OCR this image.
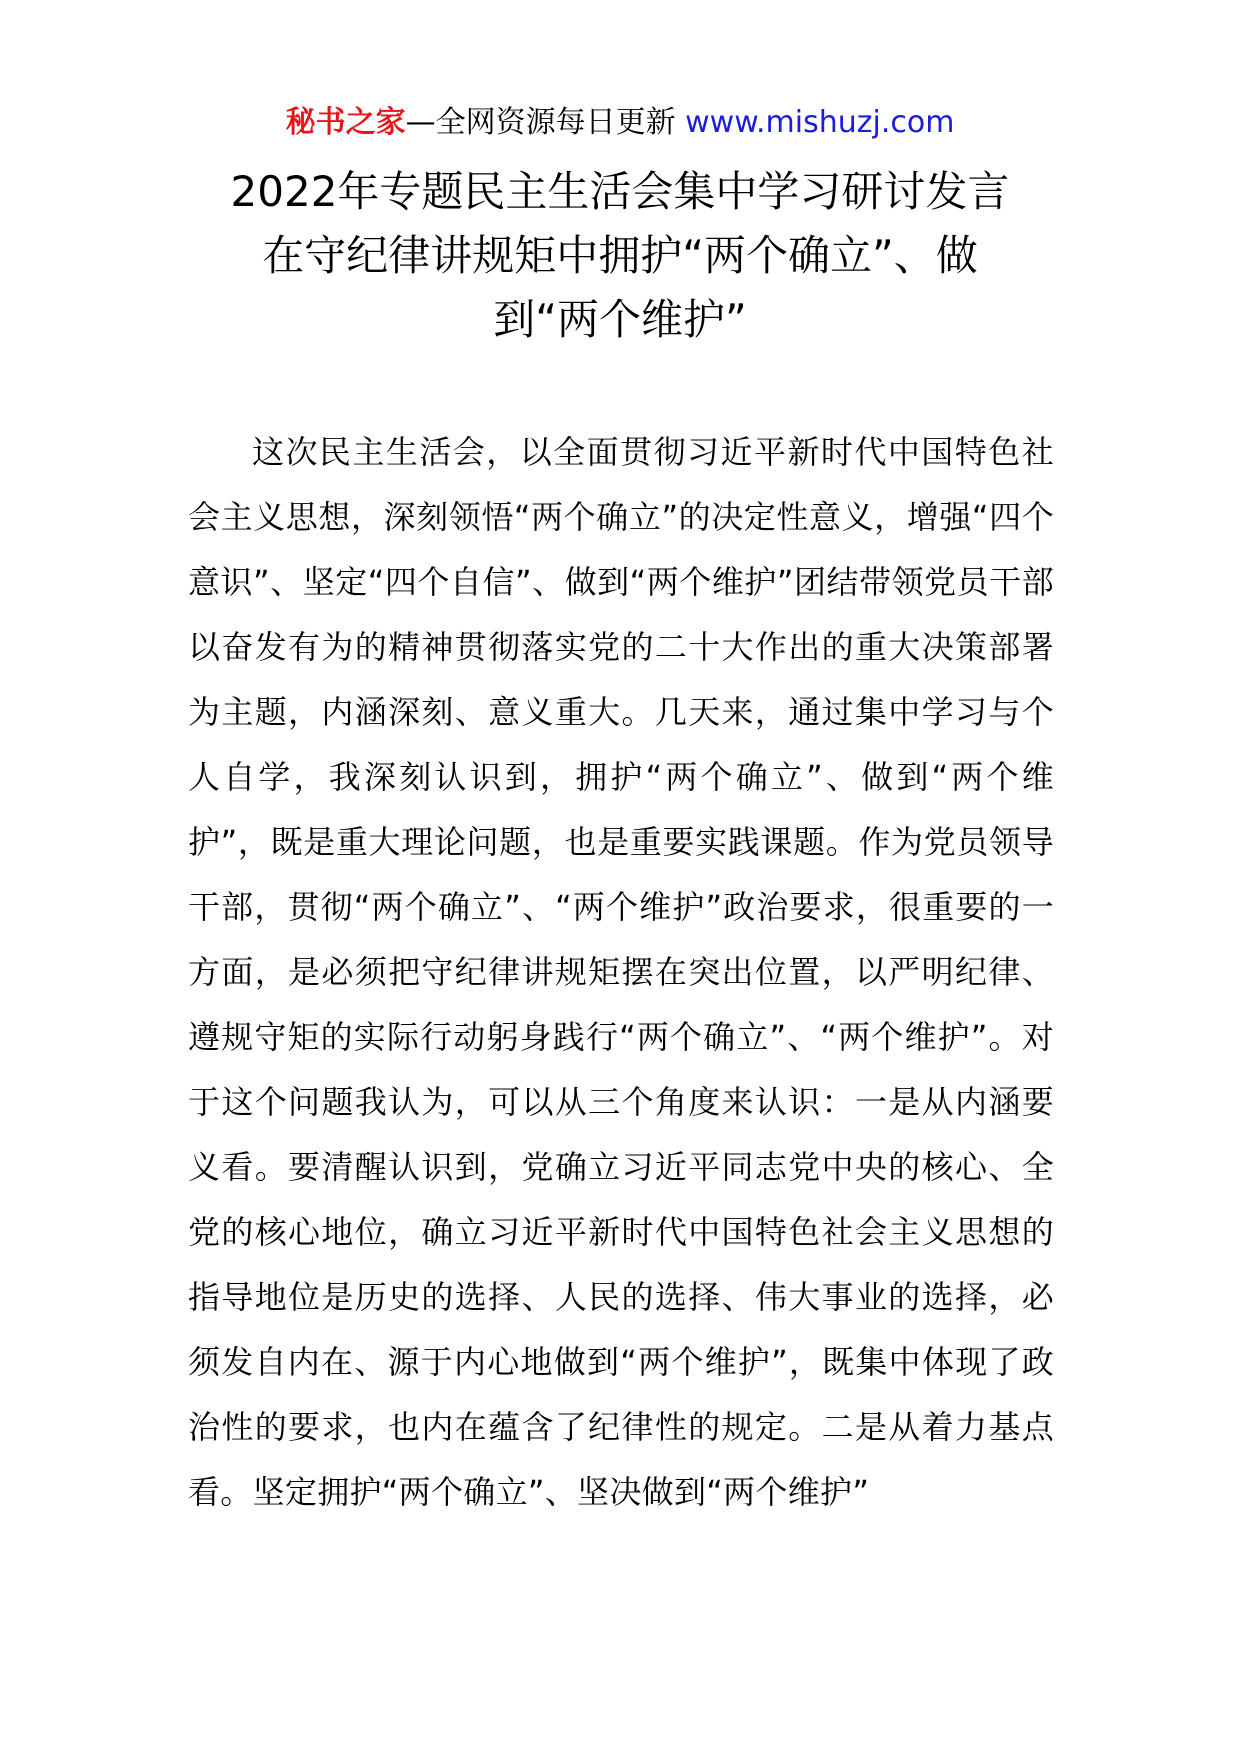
秘书之家—全网资源每日更新 www.mishuzj.com
2022年专题民主生活会集中学习研讨发言
在守纪律讲规矩中拥护“两个确立”、做
到“两个维护”

这次民主生活会，以全面贯彻习近平新时代中国特色社会主义思想，深刻领悟“两个确立”的决定性意义，增强“四个意识”、坚定“四个自信”、做到“两个维护”团结带领党员干部以奋发有为的精神贯彻落实党的二十大作出的重大决策部署为主题，内涵深刻、意义重大。几天来，通过集中学习与个人自学，我深刻认识到，拥护“两个确立”、做到“两个维护”，既是重大理论问题，也是重要实践课题。作为党员领导干部，贯彻“两个确立”、“两个维护”政治要求，很重要的一方面，是必须把守纪律讲规矩摆在突出位置，以严明纪律、遵规守矩的实际行动躬身践行“两个确立”、“两个维护”。对于这个问题我认为，可以从三个角度来认识：一是从内涵要义看。要清醒认识到，党确立习近平同志党中央的核心、全党的核心地位，确立习近平新时代中国特色社会主义思想的指导地位是历史的选择、人民的选择、伟大事业的选择，必须发自内在、源于内心地做到“两个维护”，既集中体现了政治性的要求，也内在蕴含了纪律性的规定。二是从着力基点看。坚定拥护“两个确立”、坚决做到“两个维护”
